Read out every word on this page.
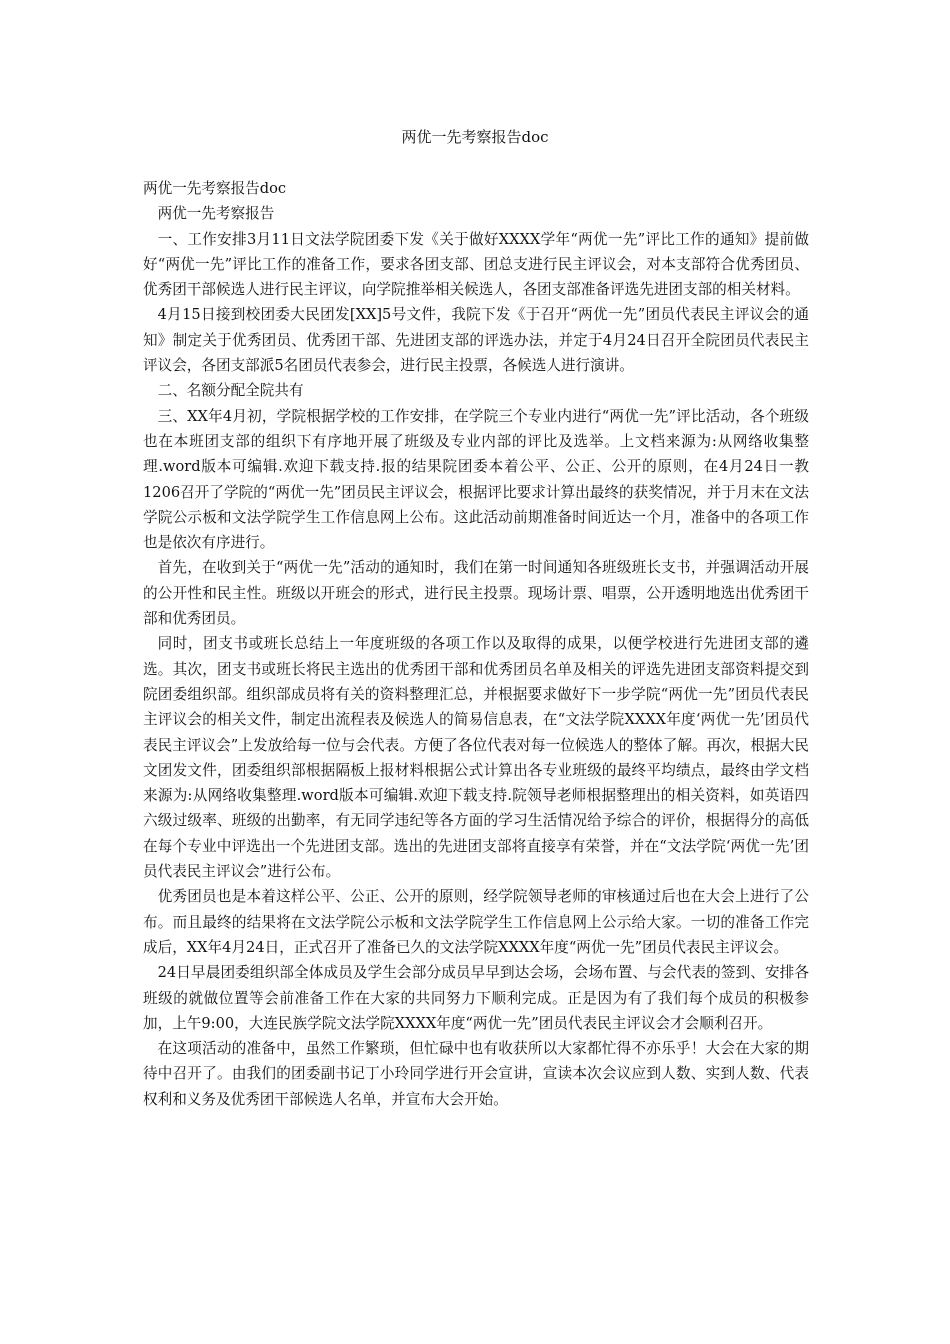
两优一先考察报告doc

两优一先考察报告doc

两优一先考察报告

一、工作安排3月11日文法学院团委下发《关于做好XXXX学年“两优一先”评比工作的通知》提前做好“两优一先”评比工作的准备工作，要求各团支部、团总支进行民主评议会，对本支部符合优秀团员、优秀团干部候选人进行民主评议，向学院推举相关候选人，各团支部准备评选先进团支部的相关材料。

4月15日接到校团委大民团发[XX]5号文件，我院下发《于召开“两优一先”团员代表民主评议会的通知》制定关于优秀团员、优秀团干部、先进团支部的评选办法，并定于4月24日召开全院团员代表民主评议会，各团支部派5名团员代表参会，进行民主投票，各候选人进行演讲。

二、名额分配全院共有

三、XX年4月初，学院根据学校的工作安排，在学院三个专业内进行“两优一先”评比活动，各个班级也在本班团支部的组织下有序地开展了班级及专业内部的评比及选举。上文档来源为:从网络收集整理.word版本可编辑.欢迎下载支持.报的结果院团委本着公平、公正、公开的原则，在4月24日一教1206召开了学院的“两优一先”团员民主评议会，根据评比要求计算出最终的获奖情况，并于月末在文法学院公示板和文法学院学生工作信息网上公布。这此活动前期准备时间近达一个月，准备中的各项工作也是依次有序进行。

首先，在收到关于“两优一先”活动的通知时，我们在第一时间通知各班级班长支书，并强调活动开展的公开性和民主性。班级以开班会的形式，进行民主投票。现场计票、唱票，公开透明地选出优秀团干部和优秀团员。

同时，团支书或班长总结上一年度班级的各项工作以及取得的成果，以便学校进行先进团支部的遴选。其次，团支书或班长将民主选出的优秀团干部和优秀团员名单及相关的评选先进团支部资料提交到院团委组织部。组织部成员将有关的资料整理汇总，并根据要求做好下一步学院“两优一先”团员代表民主评议会的相关文件，制定出流程表及候选人的简易信息表，在“文法学院XXXX年度‘两优一先’团员代表民主评议会”上发放给每一位与会代表。方便了各位代表对每一位候选人的整体了解。再次，根据大民文团发文件，团委组织部根据隔板上报材料根据公式计算出各专业班级的最终平均绩点，最终由学文档来源为:从网络收集整理.word版本可编辑.欢迎下载支持.院领导老师根据整理出的相关资料，如英语四六级过级率、班级的出勤率，有无同学违纪等各方面的学习生活情况给予综合的评价，根据得分的高低在每个专业中评选出一个先进团支部。选出的先进团支部将直接享有荣誉，并在“文法学院‘两优一先’团员代表民主评议会”进行公布。

优秀团员也是本着这样公平、公正、公开的原则，经学院领导老师的审核通过后也在大会上进行了公布。而且最终的结果将在文法学院公示板和文法学院学生工作信息网上公示给大家。一切的准备工作完成后，XX年4月24日，正式召开了准备已久的文法学院XXXX年度“两优一先”团员代表民主评议会。

24日早晨团委组织部全体成员及学生会部分成员早早到达会场，会场布置、与会代表的签到、安排各班级的就做位置等会前准备工作在大家的共同努力下顺利完成。正是因为有了我们每个成员的积极参加，上午9:00，大连民族学院文法学院XXXX年度“两优一先”团员代表民主评议会才会顺利召开。

在这项活动的准备中，虽然工作繁琐，但忙碌中也有收获所以大家都忙得不亦乐乎！大会在大家的期待中召开了。由我们的团委副书记丁小玲同学进行开会宣讲，宣读本次会议应到人数、实到人数、代表权利和义务及优秀团干部候选人名单，并宣布大会开始。
